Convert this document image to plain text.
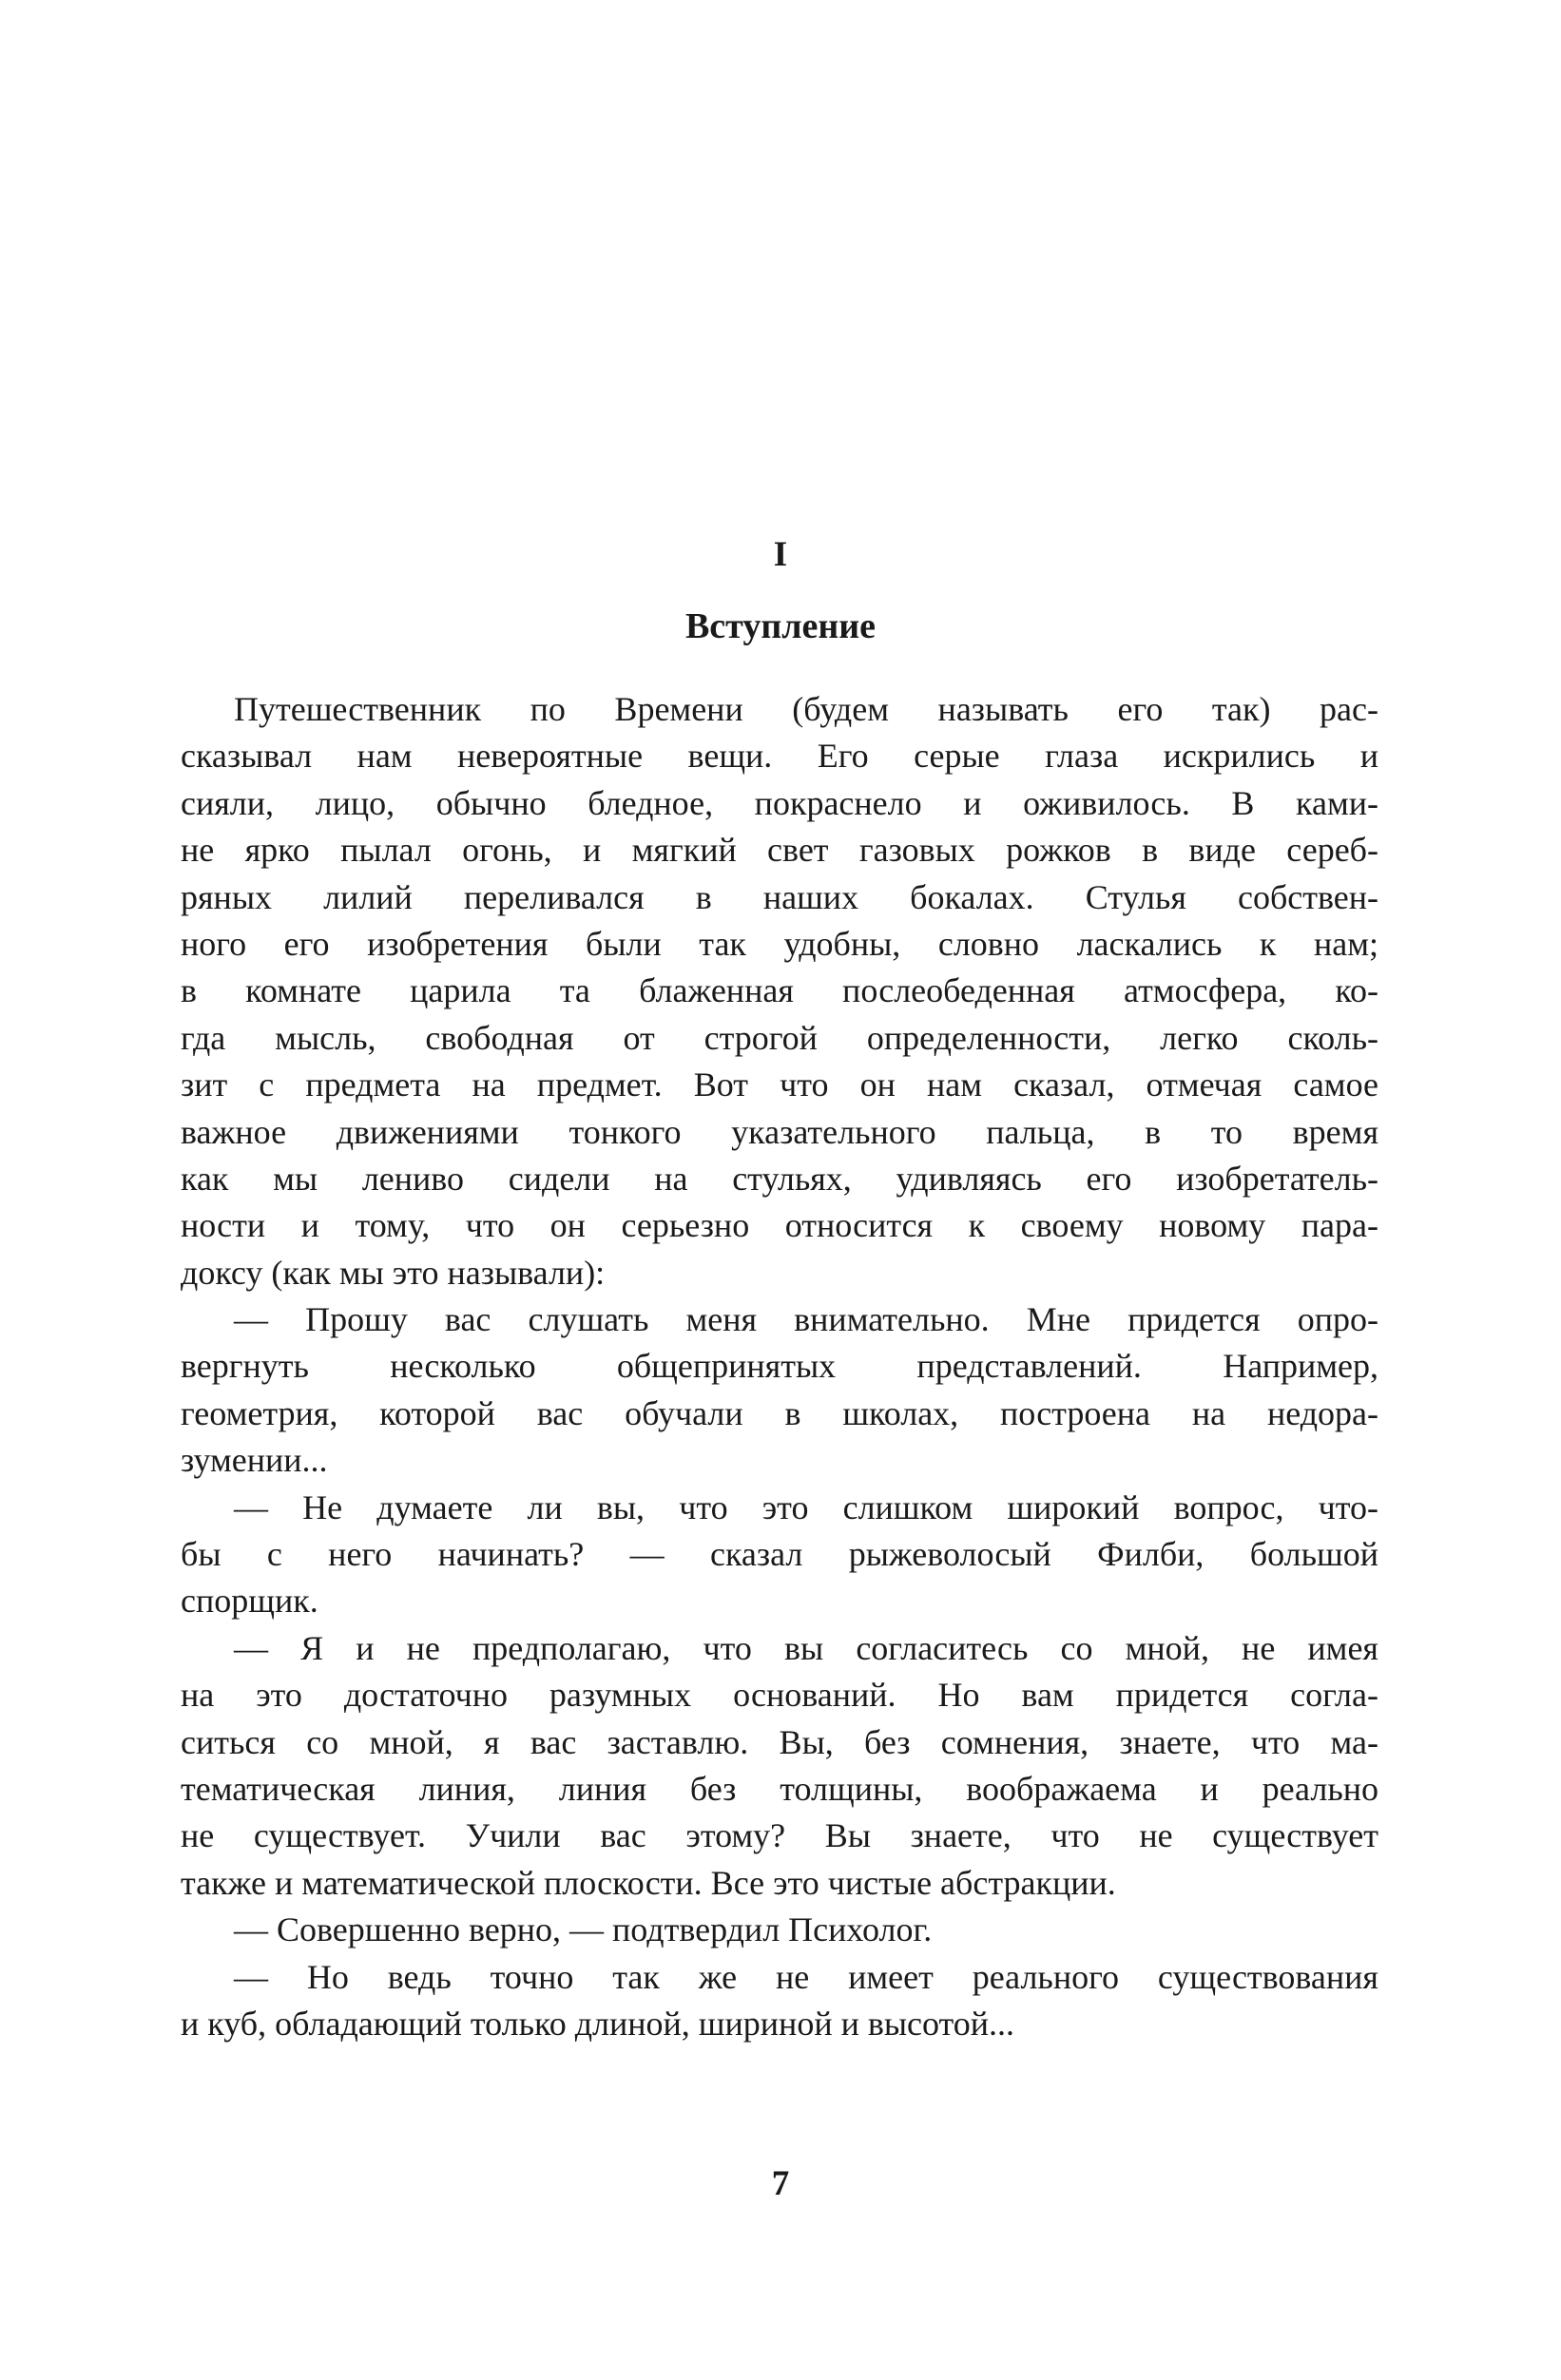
I
Вступление
Путешественник по Времени (будем называть его так) рас-
сказывал нам невероятные вещи. Его серые глаза искрились и
сияли, лицо, обычно бледное, покраснело и оживилось. В ками-
не ярко пылал огонь, и мягкий свет газовых рожков в виде сереб-
ряных лилий переливался в наших бокалах. Стулья собствен-
ного его изобретения были так удобны, словно ласкались к нам;
в комнате царила та блаженная послеобеденная атмосфера, ко-
гда мысль, свободная от строгой определенности, легко сколь-
зит с предмета на предмет. Вот что он нам сказал, отмечая самое
важное движениями тонкого указательного пальца, в то время
как мы лениво сидели на стульях, удивляясь его изобретатель-
ности и тому, что он серьезно относится к своему новому пара-
доксу (как мы это называли):
— Прошу вас слушать меня внимательно. Мне придется опро-
вергнуть несколько общепринятых представлений. Например,
геометрия, которой вас обучали в школах, построена на недора-
зумении...
— Не думаете ли вы, что это слишком широкий вопрос, что-
бы с него начинать? — сказал рыжеволосый Филби, большой
спорщик.
— Я и не предполагаю, что вы согласитесь со мной, не имея
на это достаточно разумных оснований. Но вам придется согла-
ситься со мной, я вас заставлю. Вы, без сомнения, знаете, что ма-
тематическая линия, линия без толщины, воображаема и реально
не существует. Учили вас этому? Вы знаете, что не существует
также и математической плоскости. Все это чистые абстракции.
— Совершенно верно, — подтвердил Психолог.
— Но ведь точно так же не имеет реального существования
и куб, обладающий только длиной, шириной и высотой...
7
